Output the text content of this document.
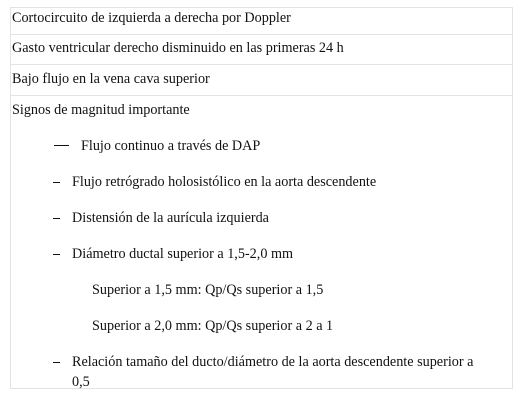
Cortocircuito de izquierda a derecha por Doppler
Gasto ventricular derecho disminuido en las primeras 24 h
Bajo flujo en la vena cava superior
Signos de magnitud importante
Flujo continuo a través de DAP
Flujo retrógrado holosistólico en la aorta descendente
Distensión de la aurícula izquierda
Diámetro ductal superior a 1,5-2,0 mm
Superior a 1,5 mm: Qp/Qs superior a 1,5
Superior a 2,0 mm: Qp/Qs superior a 2 a 1
Relación tamaño del ducto/diámetro de la aorta descendente superior a
0,5
